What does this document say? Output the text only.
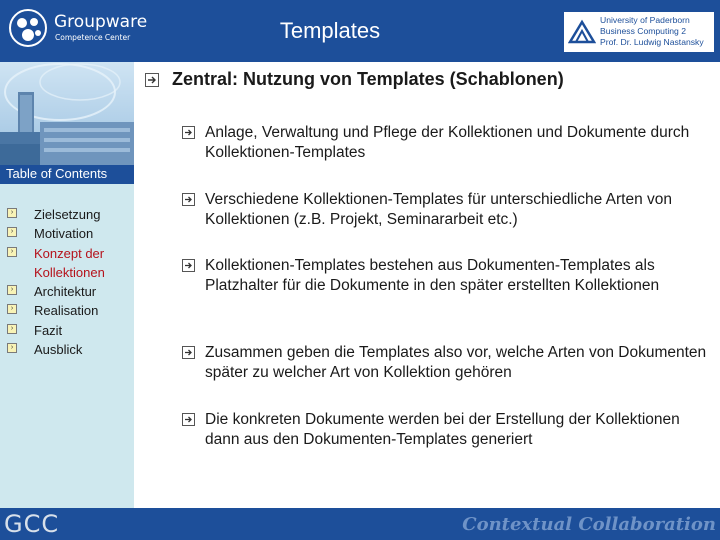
Groupware
Competence Center	Templates	University of Paderborn
Business Computing 2
Prof. Dr. Ludwig Nastansky
Table of Contents
› Zielsetzung
› Motivation
› Konzept der Kollektionen
› Architektur
› Realisation
› Fazit
› Ausblick
Zentral: Nutzung von Templates (Schablonen)
Anlage, Verwaltung und Pflege der Kollektionen und Dokumente durch Kollektionen-Templates
Verschiedene Kollektionen-Templates für unterschiedliche Arten von Kollektionen (z.B. Projekt, Seminararbeit etc.)
Kollektionen-Templates bestehen aus Dokumenten-Templates als Platzhalter für die Dokumente in den später erstellten Kollektionen
Zusammen geben die Templates also vor, welche Arten von Dokumenten später zu welcher Art von Kollektion gehören
Die konkreten Dokumente werden bei der Erstellung der Kollektionen dann aus den Dokumenten-Templates generiert
GCC	Contextual Collaboration
